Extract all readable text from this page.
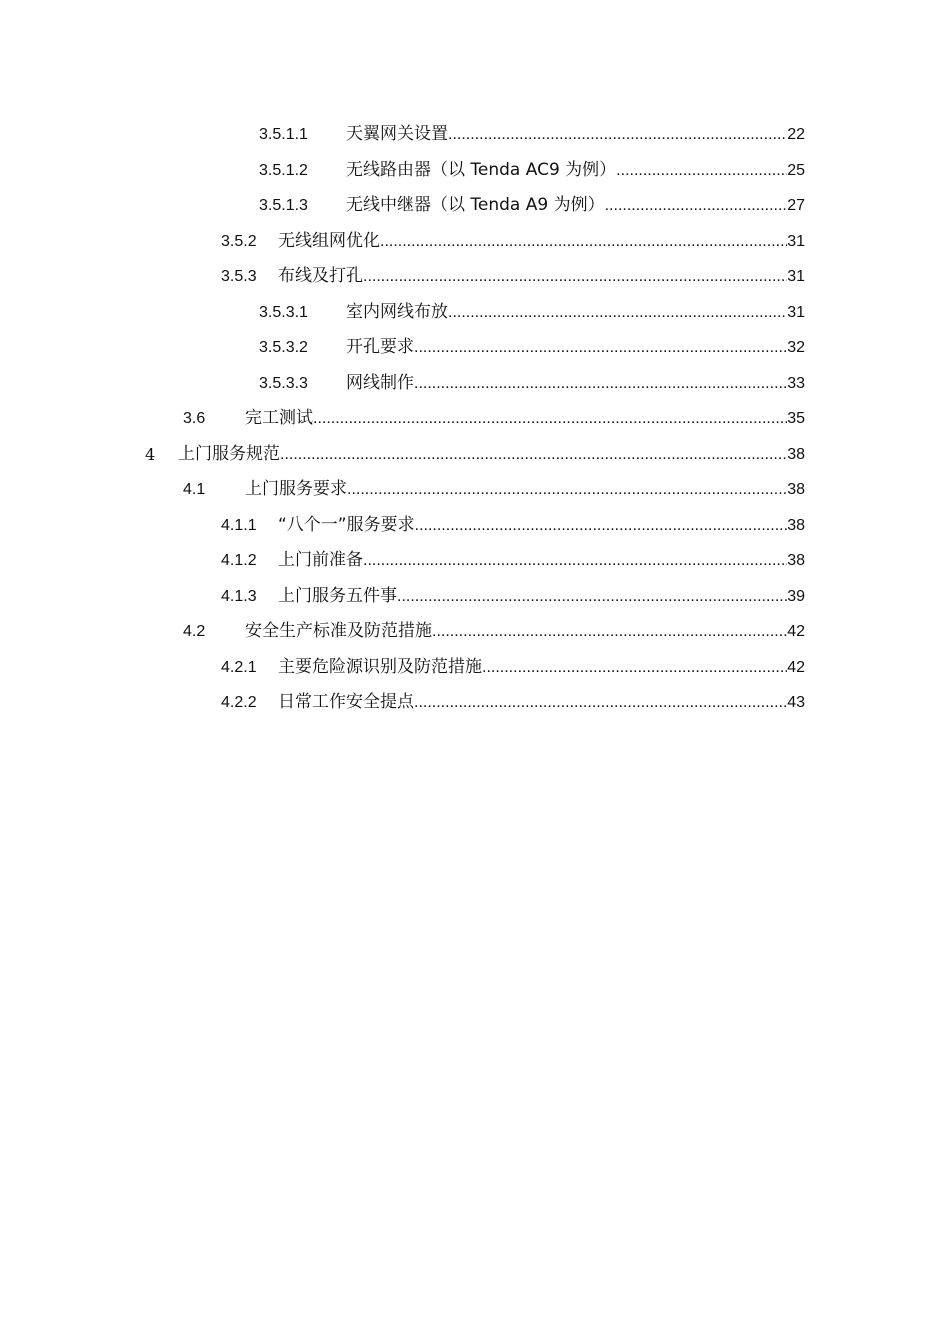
3.5.1.1 天翼网关设置 .....	22
3.5.1.2 无线路由器（以 Tenda AC9 为例） .....	25
3.5.1.3 无线中继器（以 Tenda A9 为例） .....	27
3.5.2 无线组网优化 .....	31
3.5.3 布线及打孔 .....	31
3.5.3.1 室内网线布放 .....	31
3.5.3.2 开孔要求 .....	32
3.5.3.3 网线制作 .....	33
3.6 完工测试 .....	35
4 上门服务规范 .....	38
4.1 上门服务要求 .....	38
4.1.1 “八个一”服务要求 .....	38
4.1.2 上门前准备 .....	38
4.1.3 上门服务五件事 .....	39
4.2 安全生产标准及防范措施 .....	42
4.2.1 主要危险源识别及防范措施 .....	42
4.2.2 日常工作安全提点 .....	43
